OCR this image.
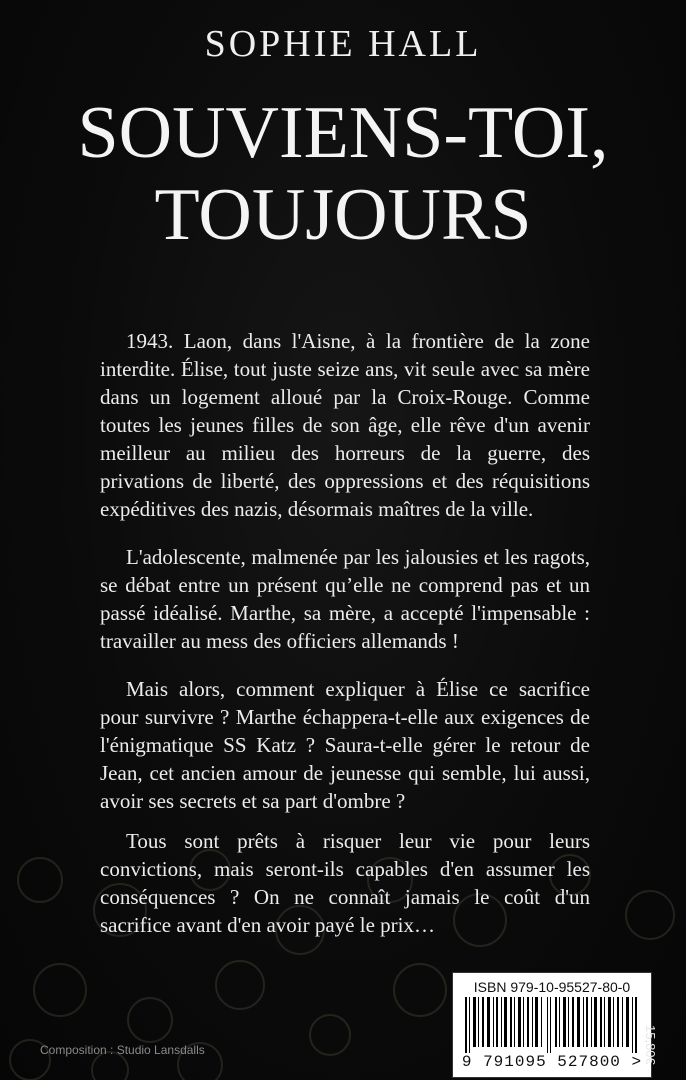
SOPHIE HALL
SOUVIENS-TOI,
TOUJOURS

1943. Laon, dans l'Aisne, à la frontière de la zone interdite. Élise, tout juste seize ans, vit seule avec sa mère dans un logement alloué par la Croix-Rouge. Comme toutes les jeunes filles de son âge, elle rêve d'un avenir meilleur au milieu des horreurs de la guerre, des privations de liberté, des oppressions et des réquisitions expéditives des nazis, désormais maîtres de la ville.

L'adolescente, malmenée par les jalousies et les ragots, se débat entre un présent qu’elle ne comprend pas et un passé idéalisé. Marthe, sa mère, a accepté l'impensable : travailler au mess des officiers allemands !

Mais alors, comment expliquer à Élise ce sacrifice pour survivre ? Marthe échappera-t-elle aux exigences de l'énigmatique SS Katz ? Saura-t-elle gérer le retour de Jean, cet ancien amour de jeunesse qui semble, lui aussi, avoir ses secrets et sa part d'ombre ?

Tous sont prêts à risquer leur vie pour leurs convictions, mais seront-ils capables d'en assumer les conséquences ? On ne connaît jamais le coût d'un sacrifice avant d'en avoir payé le prix…

Composition : Studio Lansdalls
ISBN 979-10-95527-80-0
9 791095 527800 > 15,80€
